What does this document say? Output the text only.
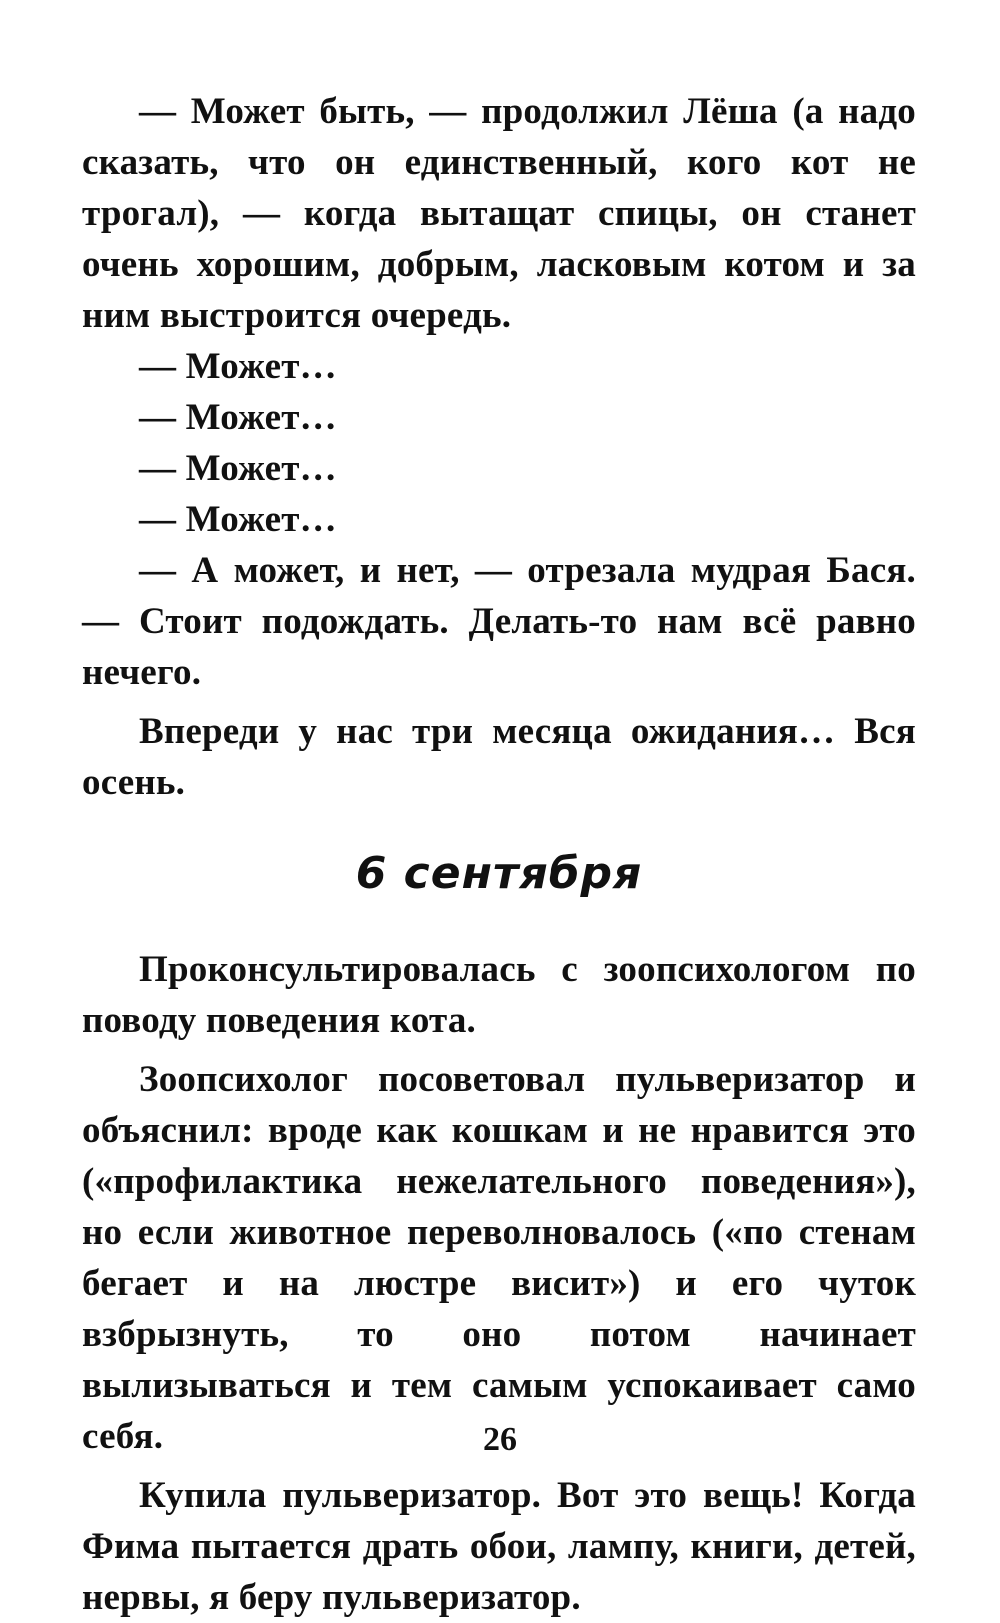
— Может быть, — продолжил Лёша (а надо сказать, что он единственный, кого кот не трогал), — когда вытащат спицы, он станет очень хорошим, добрым, ласковым котом и за ним выстроится очередь.

— Может…

— Может…

— Может…

— Может…

— А может, и нет, — отрезала мудрая Бася. — Стоит подождать. Делать-то нам всё равно нечего.

Впереди у нас три месяца ожидания… Вся осень.

6 сентября

Проконсультировалась с зоопсихологом по поводу поведения кота.

Зоопсихолог посоветовал пульверизатор и объяснил: вроде как кошкам и не нравится это («профилактика нежелательного поведения»), но если животное переволновалось («по стенам бегает и на люстре висит») и его чуток взбрызнуть, то оно потом начинает вылизываться и тем самым успокаивает само себя.

Купила пульверизатор. Вот это вещь! Когда Фима пытается драть обои, лампу, книги, детей, нервы, я беру пульверизатор.

26
